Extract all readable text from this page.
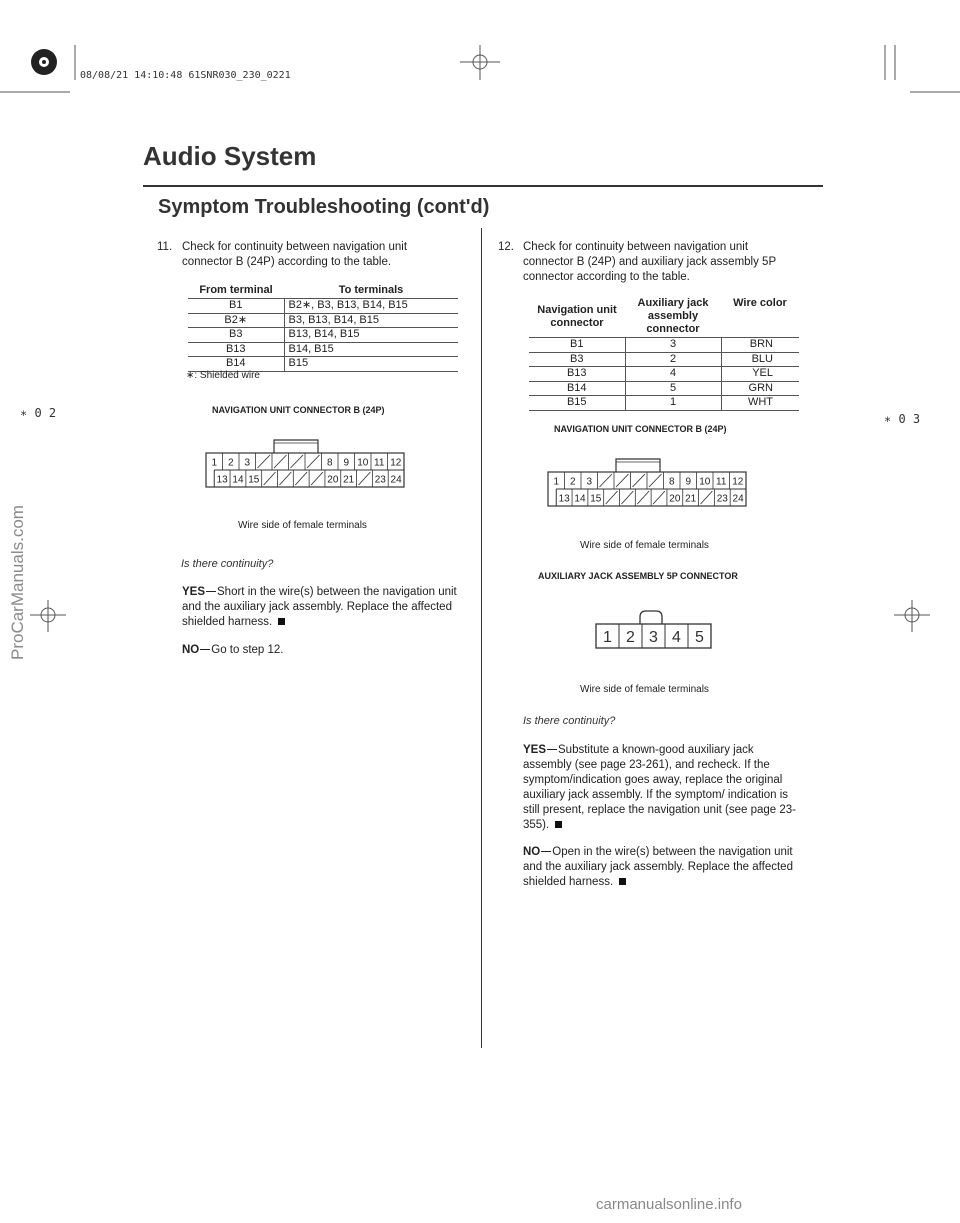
08/08/21 14:10:48 61SNR030_230_0221
Audio System
Symptom Troubleshooting (cont'd)
∗ 0 2	∗ 0 3
ProCarManuals.com
carmanualsonline.info
11. Check for continuity between navigation unit
connector B (24P) according to the table.
From terminal	To terminals
B1	B2∗, B3, B13, B14, B15
B2∗	B3, B13, B14, B15
B3	B13, B14, B15
B13	B14, B15
B14	B15
∗: Shielded wire
NAVIGATION UNIT CONNECTOR B (24P)
1 2 3	8 9 10 11 12
13 14 15	20 21 23 24
Wire side of female terminals
Is there continuity?
YES Short in the wire(s) between the navigation unit and the auxiliary jack assembly. Replace the affected shielded harness.
NO Go to step 12.
12. Check for continuity between navigation unit
connector B (24P) and auxiliary jack assembly 5P
connector according to the table.
Navigation unit connector	Auxiliary jack assembly connector	Wire color
B1	3	BRN
B3	2	BLU
B13	4	YEL
B14	5	GRN
B15	1	WHT
NAVIGATION UNIT CONNECTOR B (24P)
1 2 3	8 9 10 11 12
13 14 15	20 21 23 24
Wire side of female terminals
AUXILIARY JACK ASSEMBLY 5P CONNECTOR
1 2 3 4 5
Wire side of female terminals
Is there continuity?
YES Substitute a known-good auxiliary jack assembly (see page 23-261), and recheck. If the symptom/indication goes away, replace the original auxiliary jack assembly. If the symptom/ indication is still present, replace the navigation unit (see page 23-355).
NO Open in the wire(s) between the navigation unit and the auxiliary jack assembly. Replace the affected shielded harness.
